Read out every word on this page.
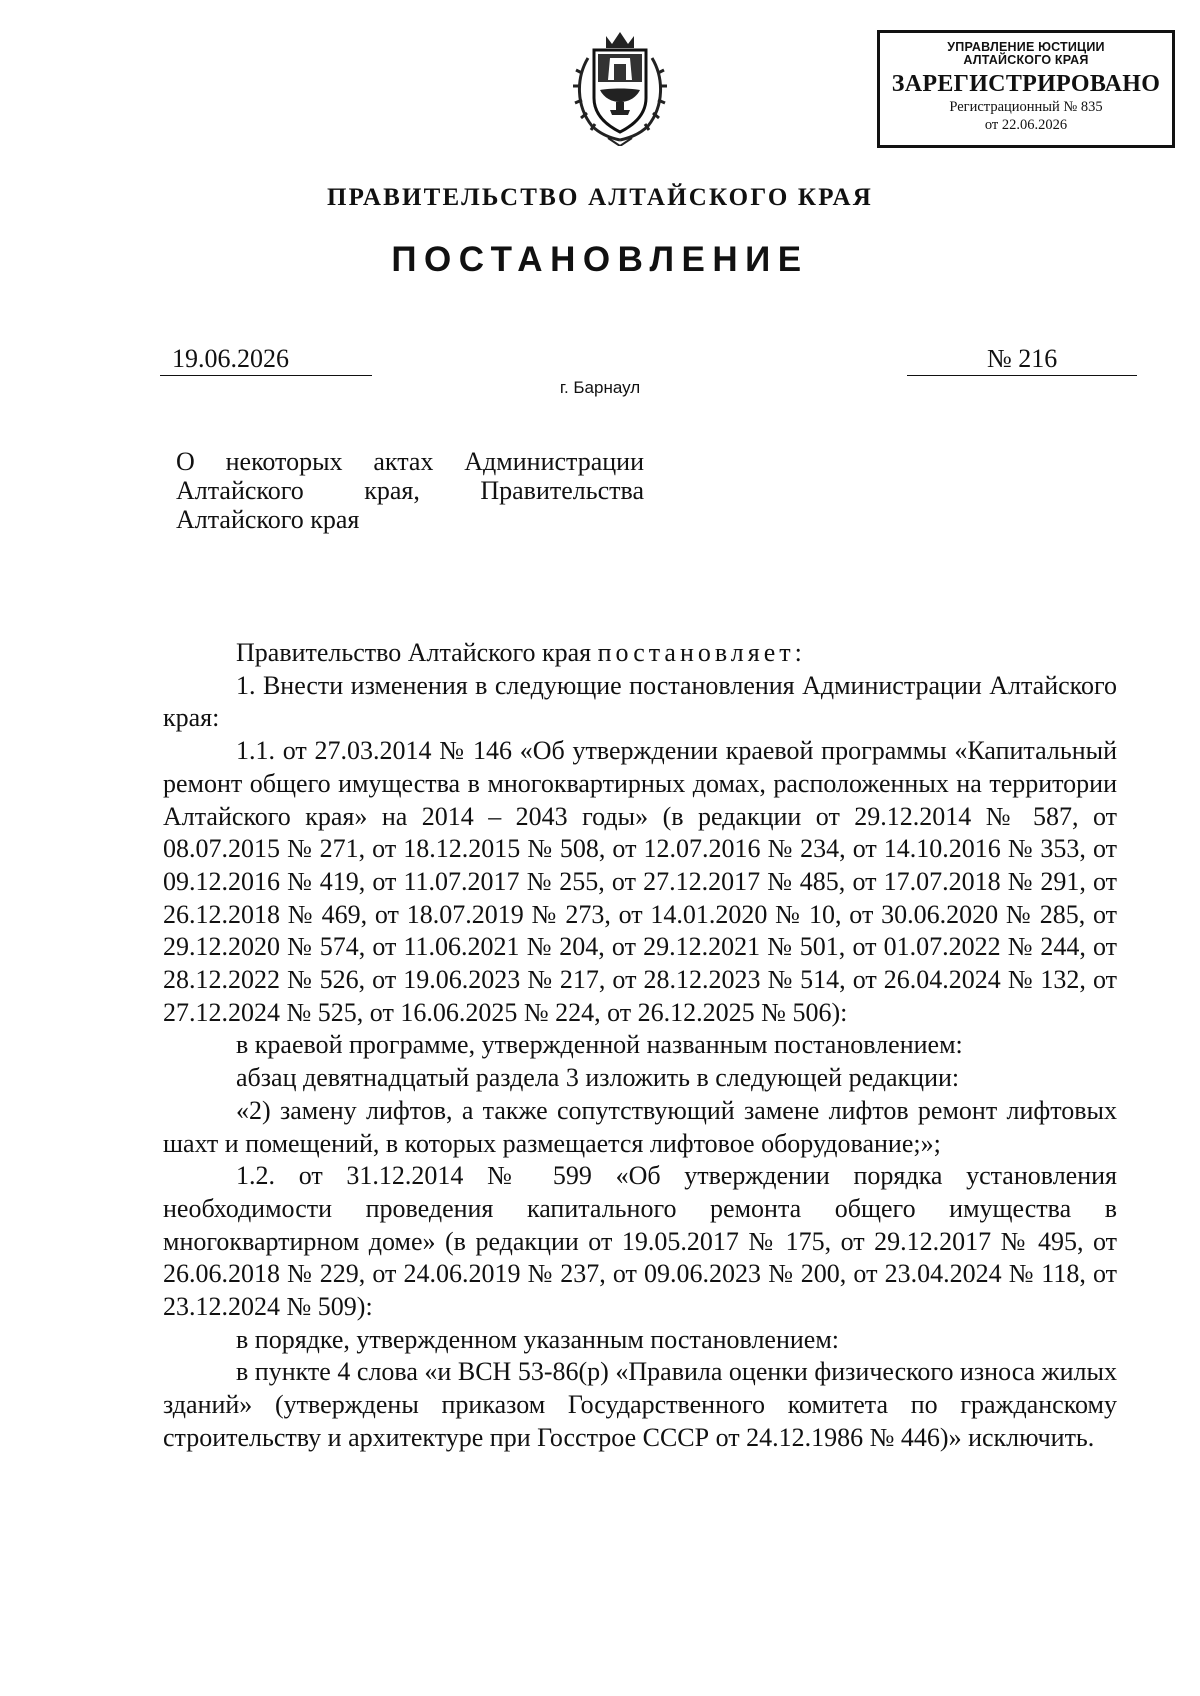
УПРАВЛЕНИЕ ЮСТИЦИИ
АЛТАЙСКОГО КРАЯ
ЗАРЕГИСТРИРОВАНО
Регистрационный № 835
от 22.06.2026
ПРАВИТЕЛЬСТВО АЛТАЙСКОГО КРАЯ
ПОСТАНОВЛЕНИЕ
19.06.2026	№ 216
г. Барнаул
О некоторых актах Администрации
Алтайского края, Правительства
Алтайского края

Правительство Алтайского края постановляет:

1. Внести изменения в следующие постановления Администрации Алтайского края:

1.1. от 27.03.2014 № 146 «Об утверждении краевой программы «Капитальный ремонт общего имущества в многоквартирных домах, расположенных на территории Алтайского края» на 2014 – 2043 годы» (в редакции от 29.12.2014 № 587, от 08.07.2015 № 271, от 18.12.2015 № 508, от 12.07.2016 № 234, от 14.10.2016 № 353, от 09.12.2016 № 419, от 11.07.2017 № 255, от 27.12.2017 № 485, от 17.07.2018 № 291, от 26.12.2018 № 469, от 18.07.2019 № 273, от 14.01.2020 № 10, от 30.06.2020 № 285, от 29.12.2020 № 574, от 11.06.2021 № 204, от 29.12.2021 № 501, от 01.07.2022 № 244, от 28.12.2022 № 526, от 19.06.2023 № 217, от 28.12.2023 № 514, от 26.04.2024 № 132, от 27.12.2024 № 525, от 16.06.2025 № 224, от 26.12.2025 № 506):

в краевой программе, утвержденной названным постановлением:

абзац девятнадцатый раздела 3 изложить в следующей редакции:

«2) замену лифтов, а также сопутствующий замене лифтов ремонт лифтовых шахт и помещений, в которых размещается лифтовое оборудование;»;

1.2. от 31.12.2014 № 599 «Об утверждении порядка установления необходимости проведения капитального ремонта общего имущества в многоквартирном доме» (в редакции от 19.05.2017 № 175, от 29.12.2017 № 495, от 26.06.2018 № 229, от 24.06.2019 № 237, от 09.06.2023 № 200, от 23.04.2024 № 118, от 23.12.2024 № 509):

в порядке, утвержденном указанным постановлением:

в пункте 4 слова «и ВСН 53-86(р) «Правила оценки физического износа жилых зданий» (утверждены приказом Государственного комитета по гражданскому строительству и архитектуре при Госстрое СССР от 24.12.1986 № 446)» исключить.
